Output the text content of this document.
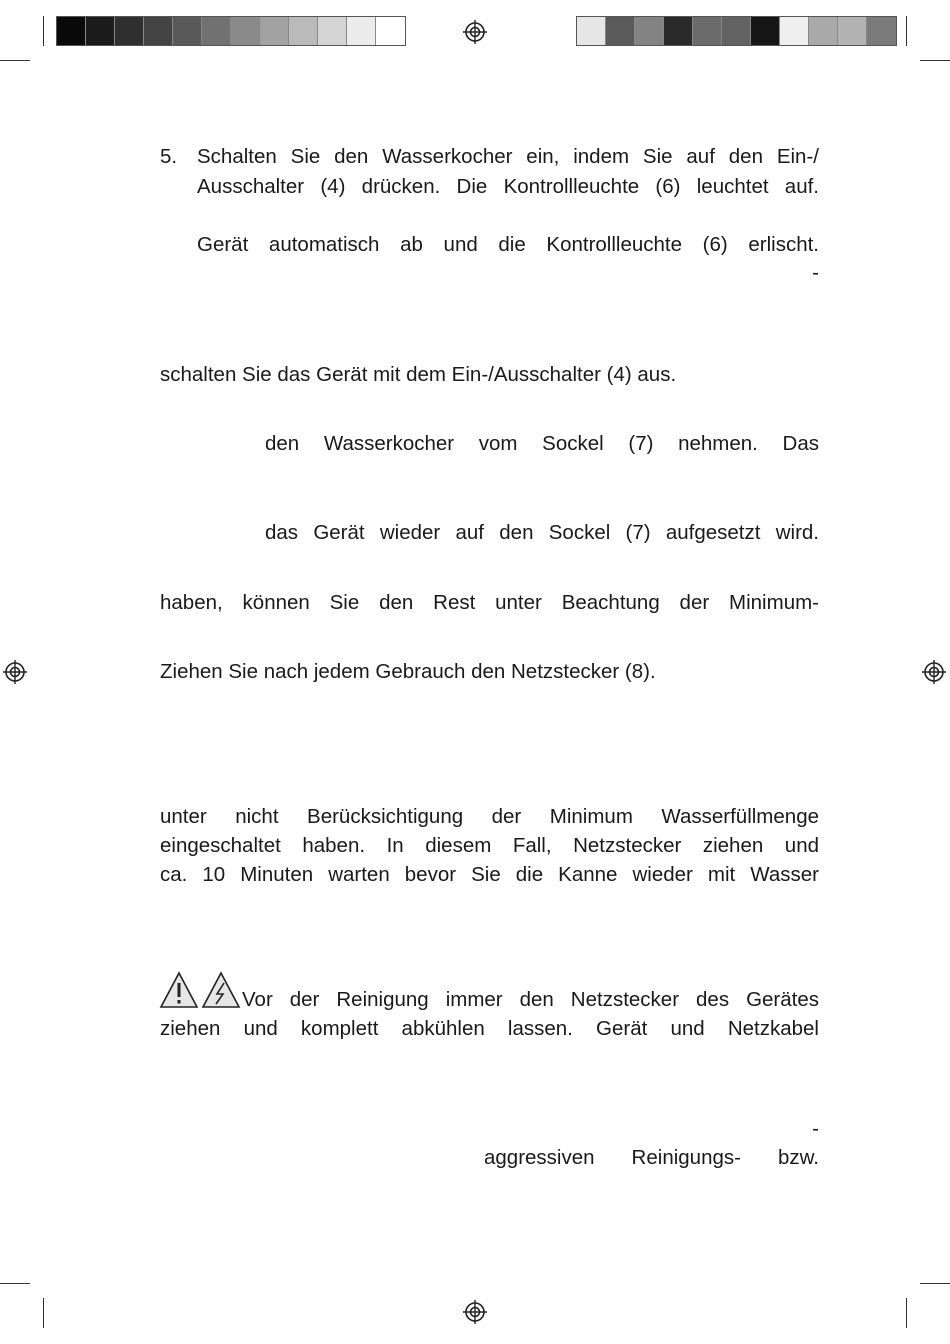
5. Schalten Sie den Wasserkocher ein, indem Sie auf den Ein-/
Ausschalter (4) drücken. Die Kontrollleuchte (6) leuchtet auf.
Gerät automatisch ab und die Kontrollleuchte (6) erlischt.
-
schalten Sie das Gerät mit dem Ein-/Ausschalter (4) aus.
den Wasserkocher vom Sockel (7) nehmen. Das
das Gerät wieder auf den Sockel (7) aufgesetzt wird.
haben, können Sie den Rest unter Beachtung der Minimum-
Ziehen Sie nach jedem Gebrauch den Netzstecker (8).
unter nicht Berücksichtigung der Minimum Wasserfüllmenge
eingeschaltet haben. In diesem Fall, Netzstecker ziehen und
ca. 10 Minuten warten bevor Sie die Kanne wieder mit Wasser
Vor der Reinigung immer den Netzstecker des Gerätes
ziehen und komplett abkühlen lassen. Gerät und Netzkabel
-
aggressiven Reinigungs- bzw.
